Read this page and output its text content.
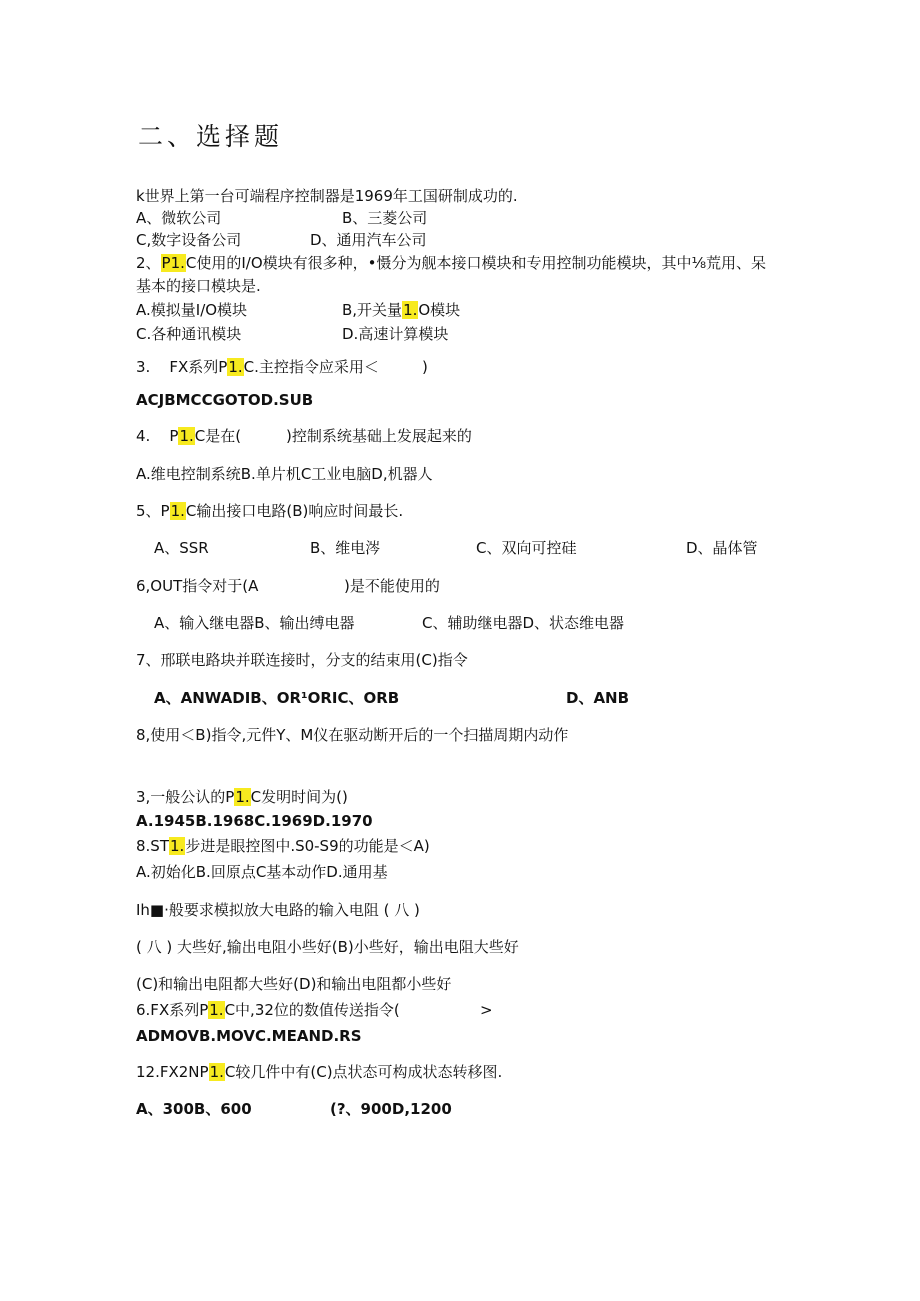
二、选择题
k世界上第一台可端程序控制器是1969年工国研制成功的.
A、微软公司	B、三菱公司
C,数字设备公司	D、通用汽车公司
2、P1.C使用的I/O模块有很多种，•慑分为舰本接口模块和专用控制功能模块，其中⅛荒用、呆
基本的接口模块是.
A.模拟量I/O模块	B,开关量1.O模块
C.各种通讯模块	D.高速计算模块
3.    FX系列P1.C.主控指令应采用＜	)
ACJBMCCGOTOD.SUB
4.    P1.C是在(	)控制系统基础上发展起来的
A.维电控制系统B.单片机C工业电脑D,机器人
5、P1.C输出接口电路(B)响应时间最长.
A、SSR	B、维电涔	C、双向可控硅	D、晶体管
6,OUT指令对于(A	)是不能使用的
A、输入继电器B、输出缚电器	C、辅助继电器D、状态维电器
7、邢联电路块并联连接时，分支的结束用(C)指令
A、ANWADIB、OR¹ORIC、ORB	D、ANB
8,使用＜B)指令,元件Y、M仪在驱动断开后的一个扫描周期内动作
3,一般公认的P1.C发明时间为()
A.1945B.1968C.1969D.1970
8.ST1.步进是眼控图中.S0-S9的功能是＜A)
A.初始化B.回原点C基本动作D.通用基
Ih■·般要求模拟放大电路的输入电阻 ( 八 )
( 八 ) 大些好,输出电阻小些好(B)小些好，输出电阻大些好
(C)和输出电阻都大些好(D)和输出电阻都小些好
6.FX系列P1.C中,32位的数值传送指令(	>
ADMOVB.MOVC.MEAND.RS
12.FX2NP1.C较几件中有(C)点状态可构成状态转移图.
A、300B、600	(?、900D,1200
